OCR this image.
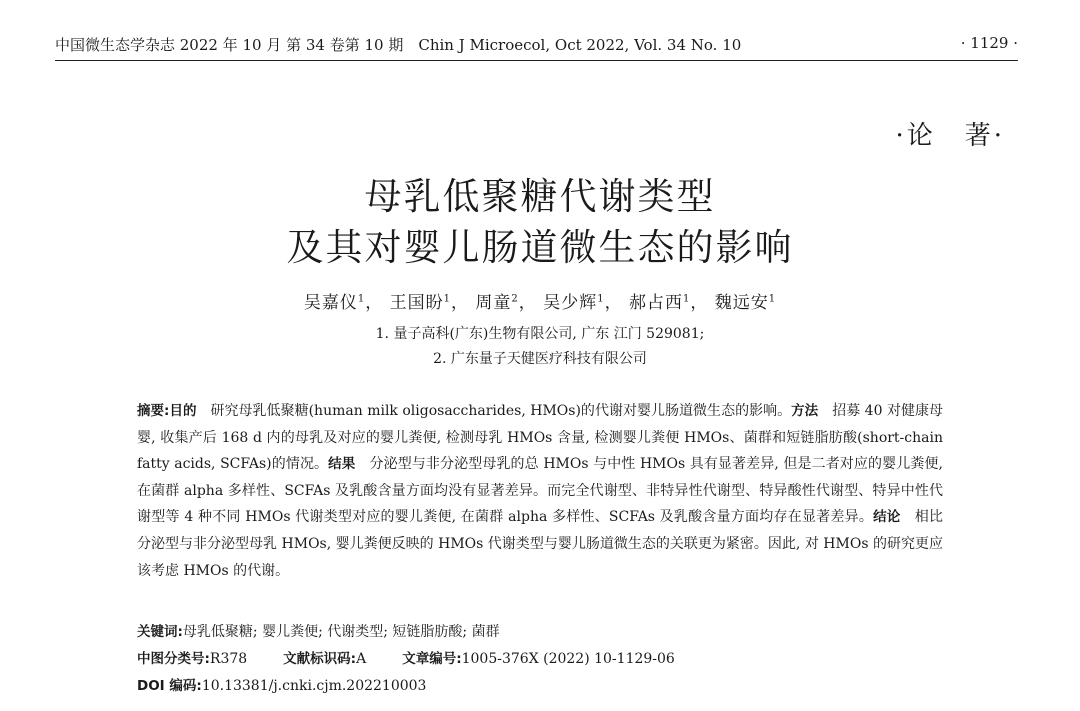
中国微生态学杂志 2022 年 10 月 第 34 卷第 10 期　Chin J Microecol, Oct 2022, Vol. 34 No. 10	· 1129 ·
·论　著·
母乳低聚糖代谢类型
及其对婴儿肠道微生态的影响
吴嘉仪$^1$， 王国盼$^1$， 周童$^2$， 吴少辉$^1$， 郝占西$^1$， 魏远安$^1$
1. 量子高科(广东)生物有限公司, 广东 江门 529081;
2. 广东量子天健医疗科技有限公司
摘要:目的　 研究母乳低聚糖(human milk oligosaccharides, HMOs)的代谢对婴儿肠道微生态的影响。方法　 招募 40 对健康母婴, 收集产后 168 d 内的母乳及对应的婴儿粪便, 检测母乳 HMOs 含量, 检测婴儿粪便 HMOs、菌群和短链脂肪酸(short-chain fatty acids, SCFAs)的情况。结果　 分泌型与非分泌型母乳的总 HMOs 与中性 HMOs 具有显著差异, 但是二者对应的婴儿粪便, 在菌群 alpha 多样性、SCFAs 及乳酸含量方面均没有显著差异。而完全代谢型、非特异性代谢型、特异酸性代谢型、特异中性代谢型等 4 种不同 HMOs 代谢类型对应的婴儿粪便, 在菌群 alpha 多样性、SCFAs 及乳酸含量方面均存在显著差异。结论　 相比分泌型与非分泌型母乳 HMOs, 婴儿粪便反映的 HMOs 代谢类型与婴儿肠道微生态的关联更为紧密。因此, 对 HMOs 的研究更应该考虑 HMOs 的代谢。
关键词:母乳低聚糖; 婴儿粪便; 代谢类型; 短链脂肪酸; 菌群
中图分类号:R378	文献标识码:A	文章编号:1005-376X (2022) 10-1129-06
DOI 编码:10.13381/j.cnki.cjm.202210003
